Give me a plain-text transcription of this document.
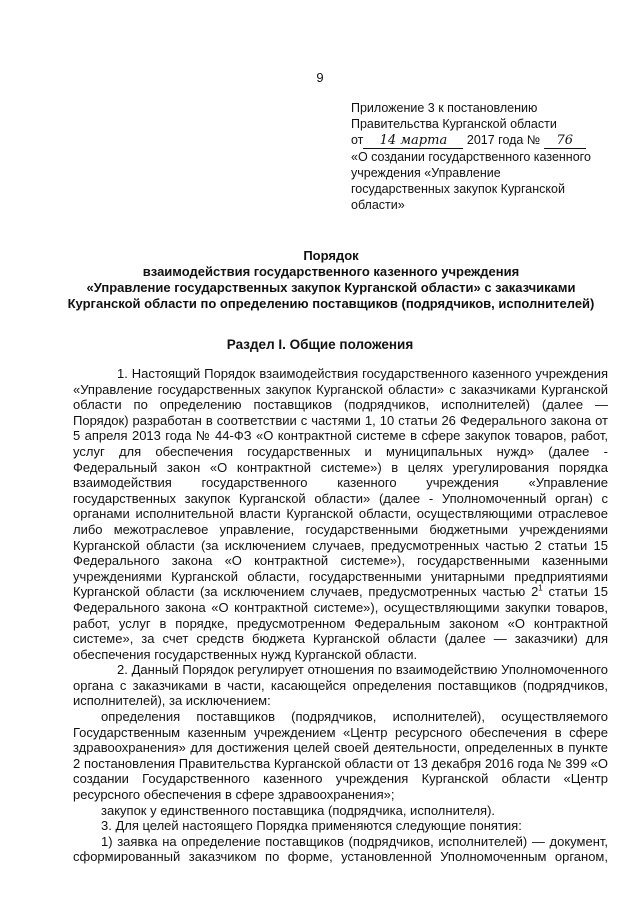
9
Приложение 3 к постановлению
Правительства Курганской области
от 14 марта 2017 года № 76
«О создании государственного казенного
учреждения «Управление
государственных закупок Курганской
области»
Порядок
взаимодействия государственного казенного учреждения
«Управление государственных закупок Курганской области» с заказчиками
Курганской области по определению поставщиков (подрядчиков, исполнителей)
Раздел I. Общие положения

1. Настоящий Порядок взаимодействия государственного казенного учреждения «Управление государственных закупок Курганской области» с заказчиками Курганской области по определению поставщиков (подрядчиков, исполнителей) (далее — Порядок) разработан в соответствии с частями 1, 10 статьи 26 Федерального закона от 5 апреля 2013 года № 44-ФЗ «О контрактной системе в сфере закупок товаров, работ, услуг для обеспечения государственных и муниципальных нужд» (далее - Федеральный закон «О контрактной системе») в целях урегулирования порядка взаимодействия государственного казенного учреждения «Управление государственных закупок Курганской области» (далее - Уполномоченный орган) с органами исполнительной власти Курганской области, осуществляющими отраслевое либо межотраслевое управление, государственными бюджетными учреждениями Курганской области (за исключением случаев, предусмотренных частью 2 статьи 15 Федерального закона «О контрактной системе»), государственными казенными учреждениями Курганской области, государственными унитарными предприятиями Курганской области (за исключением случаев, предусмотренных частью $2^1$ статьи 15 Федерального закона «О контрактной системе»), осуществляющими закупки товаров, работ, услуг в порядке, предусмотренном Федеральным законом «О контрактной системе», за счет средств бюджета Курганской области (далее — заказчики) для обеспечения государственных нужд Курганской области.

2. Данный Порядок регулирует отношения по взаимодействию Уполномоченного органа с заказчиками в части, касающейся определения поставщиков (подрядчиков, исполнителей), за исключением:

определения поставщиков (подрядчиков, исполнителей), осуществляемого Государственным казенным учреждением «Центр ресурсного обеспечения в сфере здравоохранения» для достижения целей своей деятельности, определенных в пункте 2 постановления Правительства Курганской области от 13 декабря 2016 года № 399 «О создании Государственного казенного учреждения Курганской области «Центр ресурсного обеспечения в сфере здравоохранения»;

закупок у единственного поставщика (подрядчика, исполнителя).

3. Для целей настоящего Порядка применяются следующие понятия:

1) заявка на определение поставщиков (подрядчиков, исполнителей) — документ, сформированный заказчиком по форме, установленной Уполномоченным органом,
